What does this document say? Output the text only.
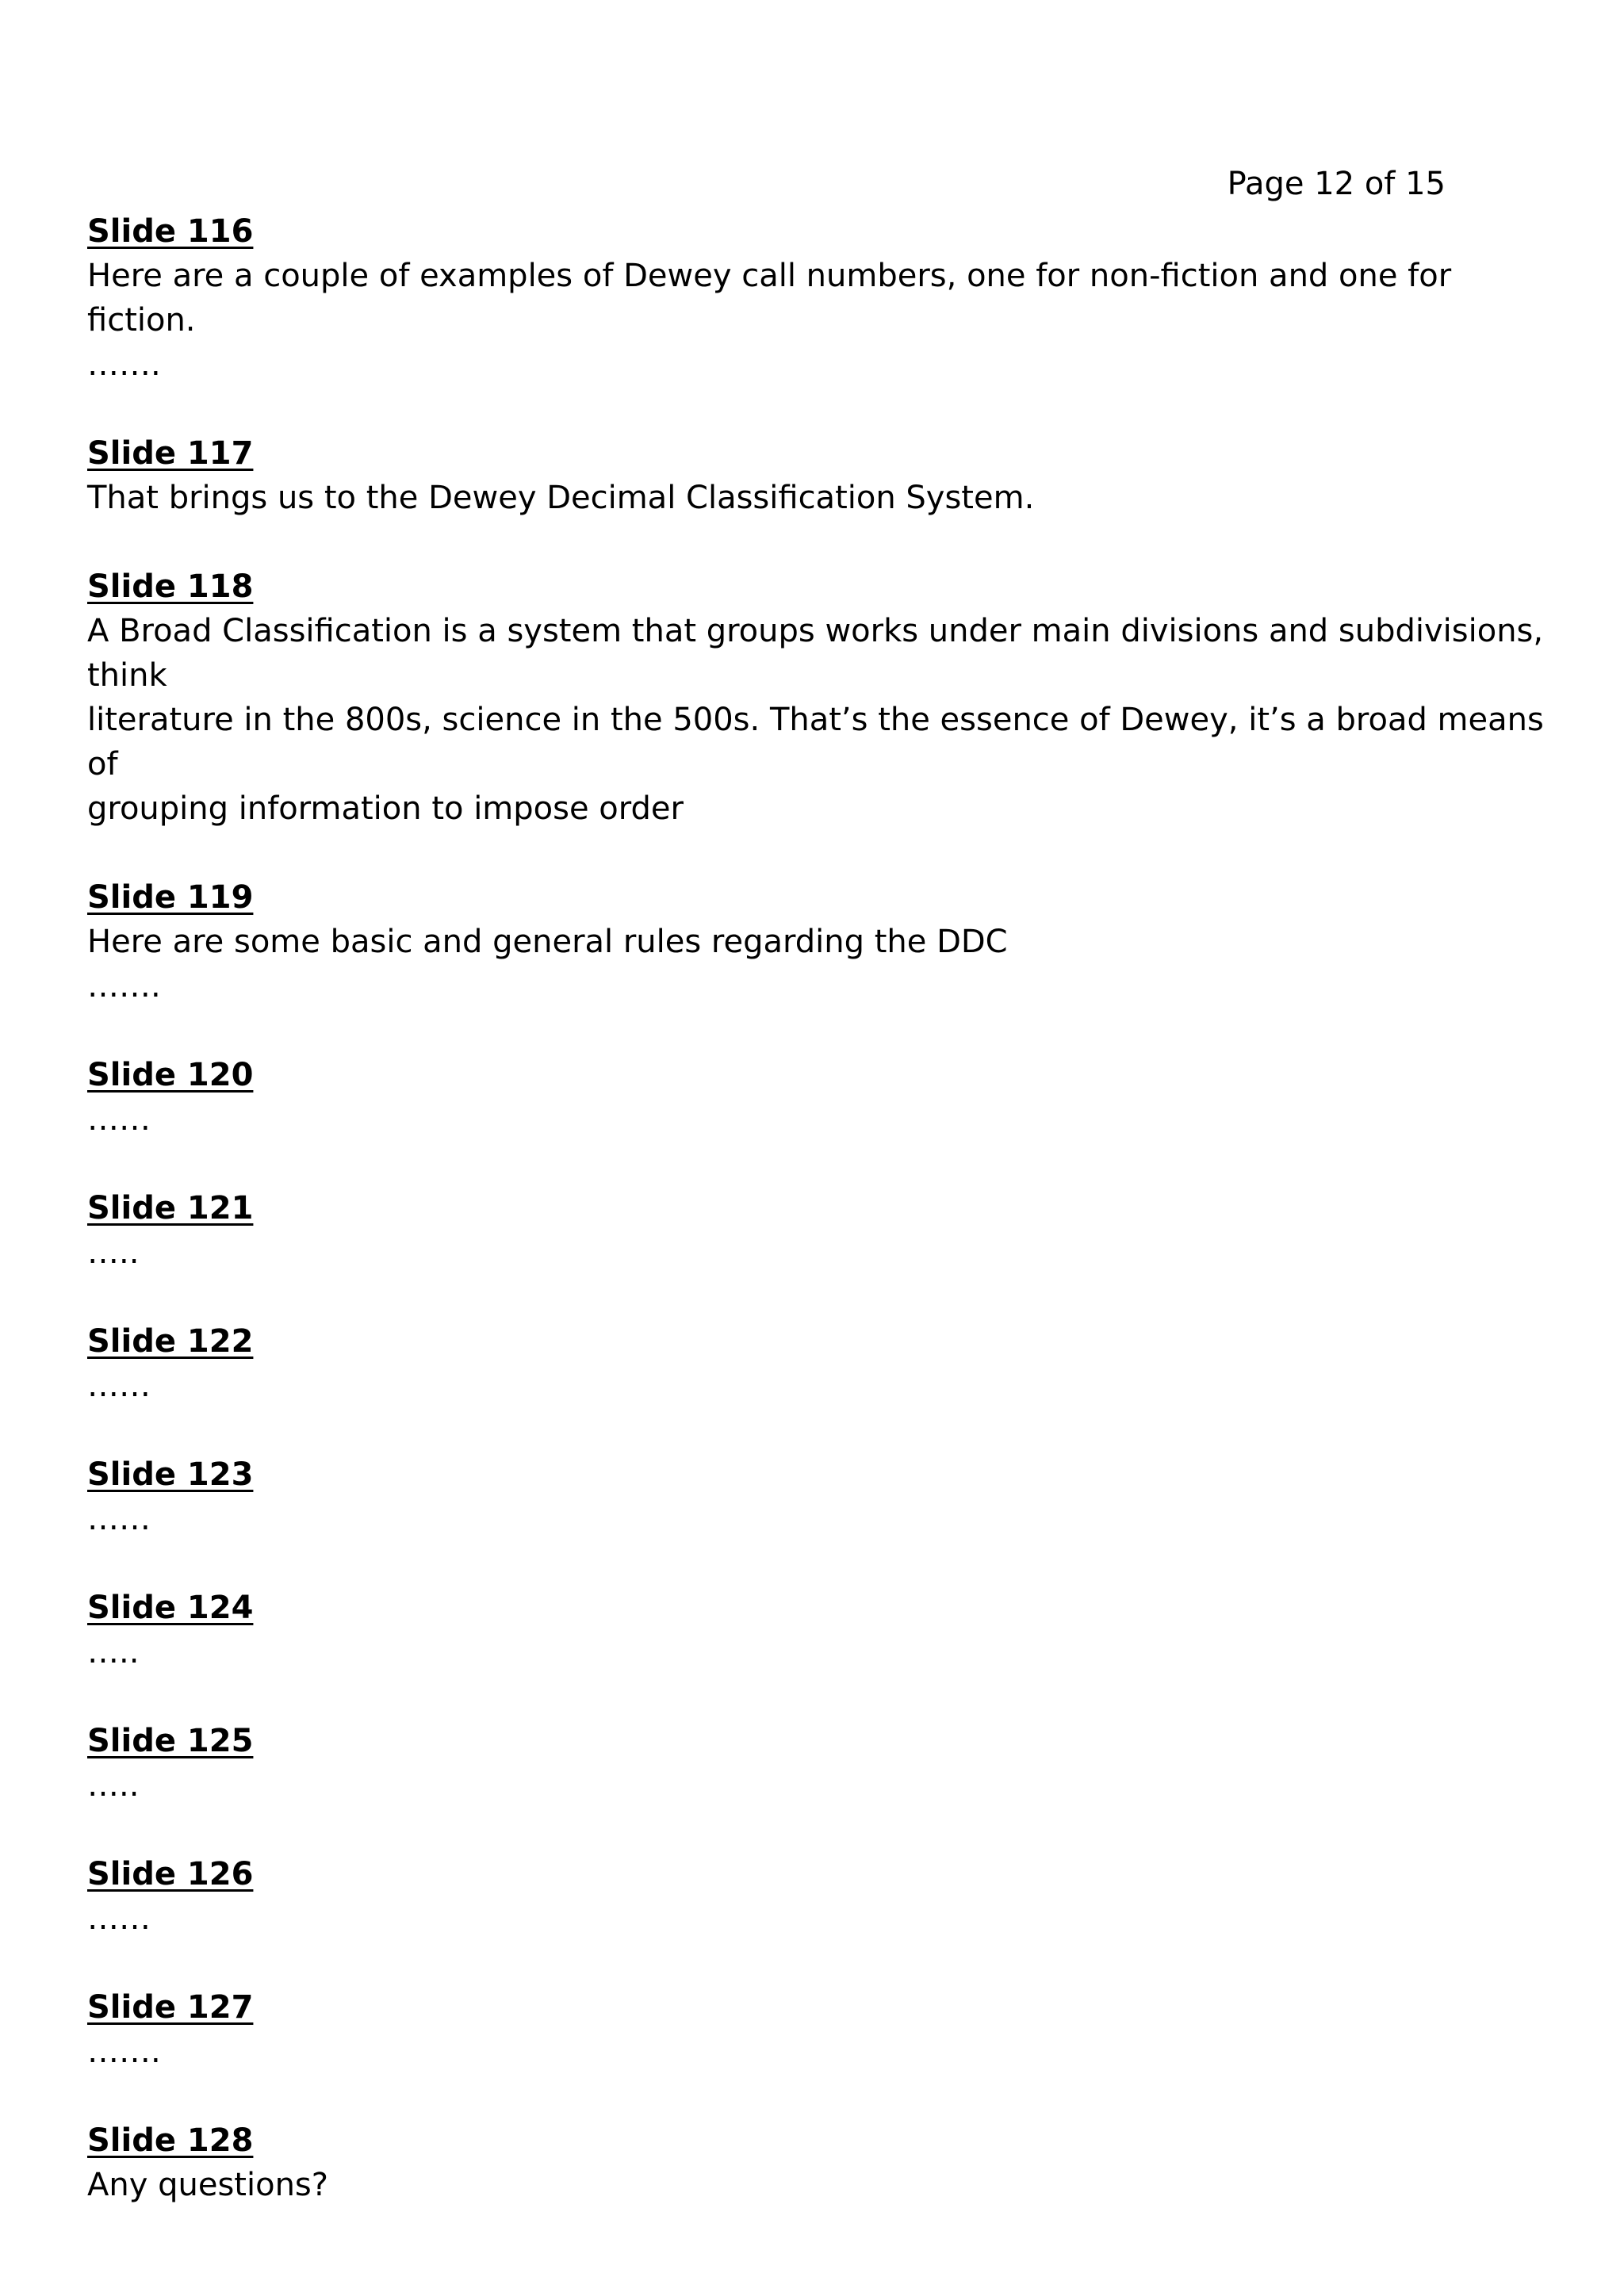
Page 12 of 15

Slide 116

Here are a couple of examples of Dewey call numbers, one for non-fiction and one for fiction.

…….

Slide 117

That brings us to the Dewey Decimal Classification System.

Slide 118

A Broad Classification is a system that groups works under main divisions and subdivisions, think

literature in the 800s, science in the 500s. That’s the essence of Dewey, it’s a broad means of

grouping information to impose order

Slide 119

Here are some basic and general rules regarding the DDC

…….

Slide 120

……

Slide 121

…..

Slide 122

……

Slide 123

……

Slide 124

…..

Slide 125

…..

Slide 126

……

Slide 127

…….

Slide 128

Any questions?
